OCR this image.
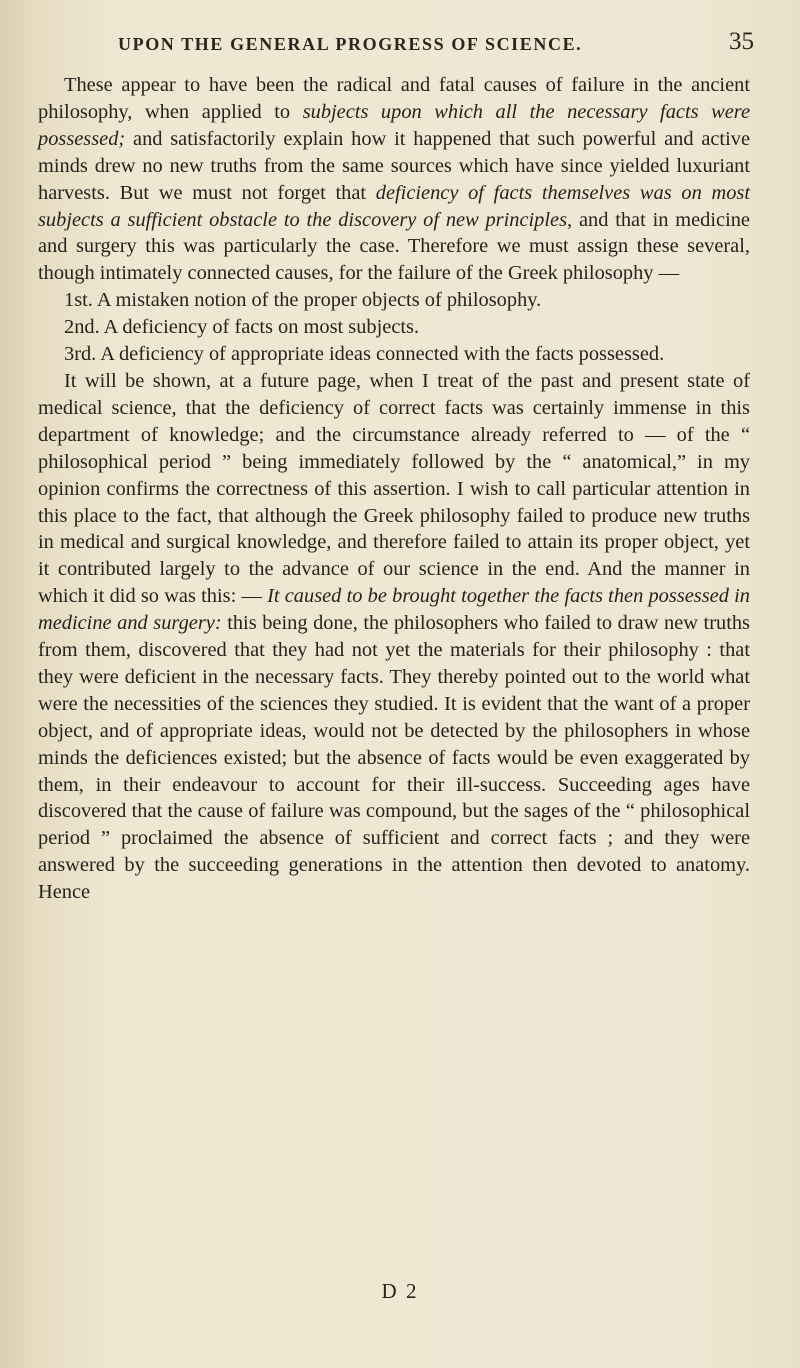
UPON THE GENERAL PROGRESS OF SCIENCE.	35

These appear to have been the radical and fatal causes of failure in the ancient philosophy, when applied to subjects upon which all the necessary facts were possessed; and satisfactorily explain how it happened that such powerful and active minds drew no new truths from the same sources which have since yielded luxuriant harvests. But we must not forget that deficiency of facts themselves was on most subjects a sufficient obstacle to the discovery of new principles, and that in medicine and surgery this was particularly the case. Therefore we must assign these several, though intimately connected causes, for the failure of the Greek philosophy —

1st. A mistaken notion of the proper objects of philosophy.

2nd. A deficiency of facts on most subjects.

3rd. A deficiency of appropriate ideas connected with the facts possessed.

It will be shown, at a future page, when I treat of the past and present state of medical science, that the deficiency of correct facts was certainly immense in this department of knowledge; and the circumstance already referred to — of the “ philosophical period ” being immediately followed by the “ anatomical,” in my opinion confirms the correctness of this assertion. I wish to call particular attention in this place to the fact, that although the Greek philosophy failed to produce new truths in medical and surgical knowledge, and therefore failed to attain its proper object, yet it contributed largely to the advance of our science in the end. And the manner in which it did so was this: — It caused to be brought together the facts then possessed in medicine and surgery: this being done, the philosophers who failed to draw new truths from them, discovered that they had not yet the materials for their philosophy : that they were deficient in the necessary facts. They thereby pointed out to the world what were the necessities of the sciences they studied. It is evident that the want of a proper object, and of appropriate ideas, would not be detected by the philosophers in whose minds the deficiences existed; but the absence of facts would be even exaggerated by them, in their endeavour to account for their ill-success. Succeeding ages have discovered that the cause of failure was compound, but the sages of the “ philosophical period ” proclaimed the absence of sufficient and correct facts ; and they were answered by the succeeding generations in the attention then devoted to anatomy. Hence

D 2
